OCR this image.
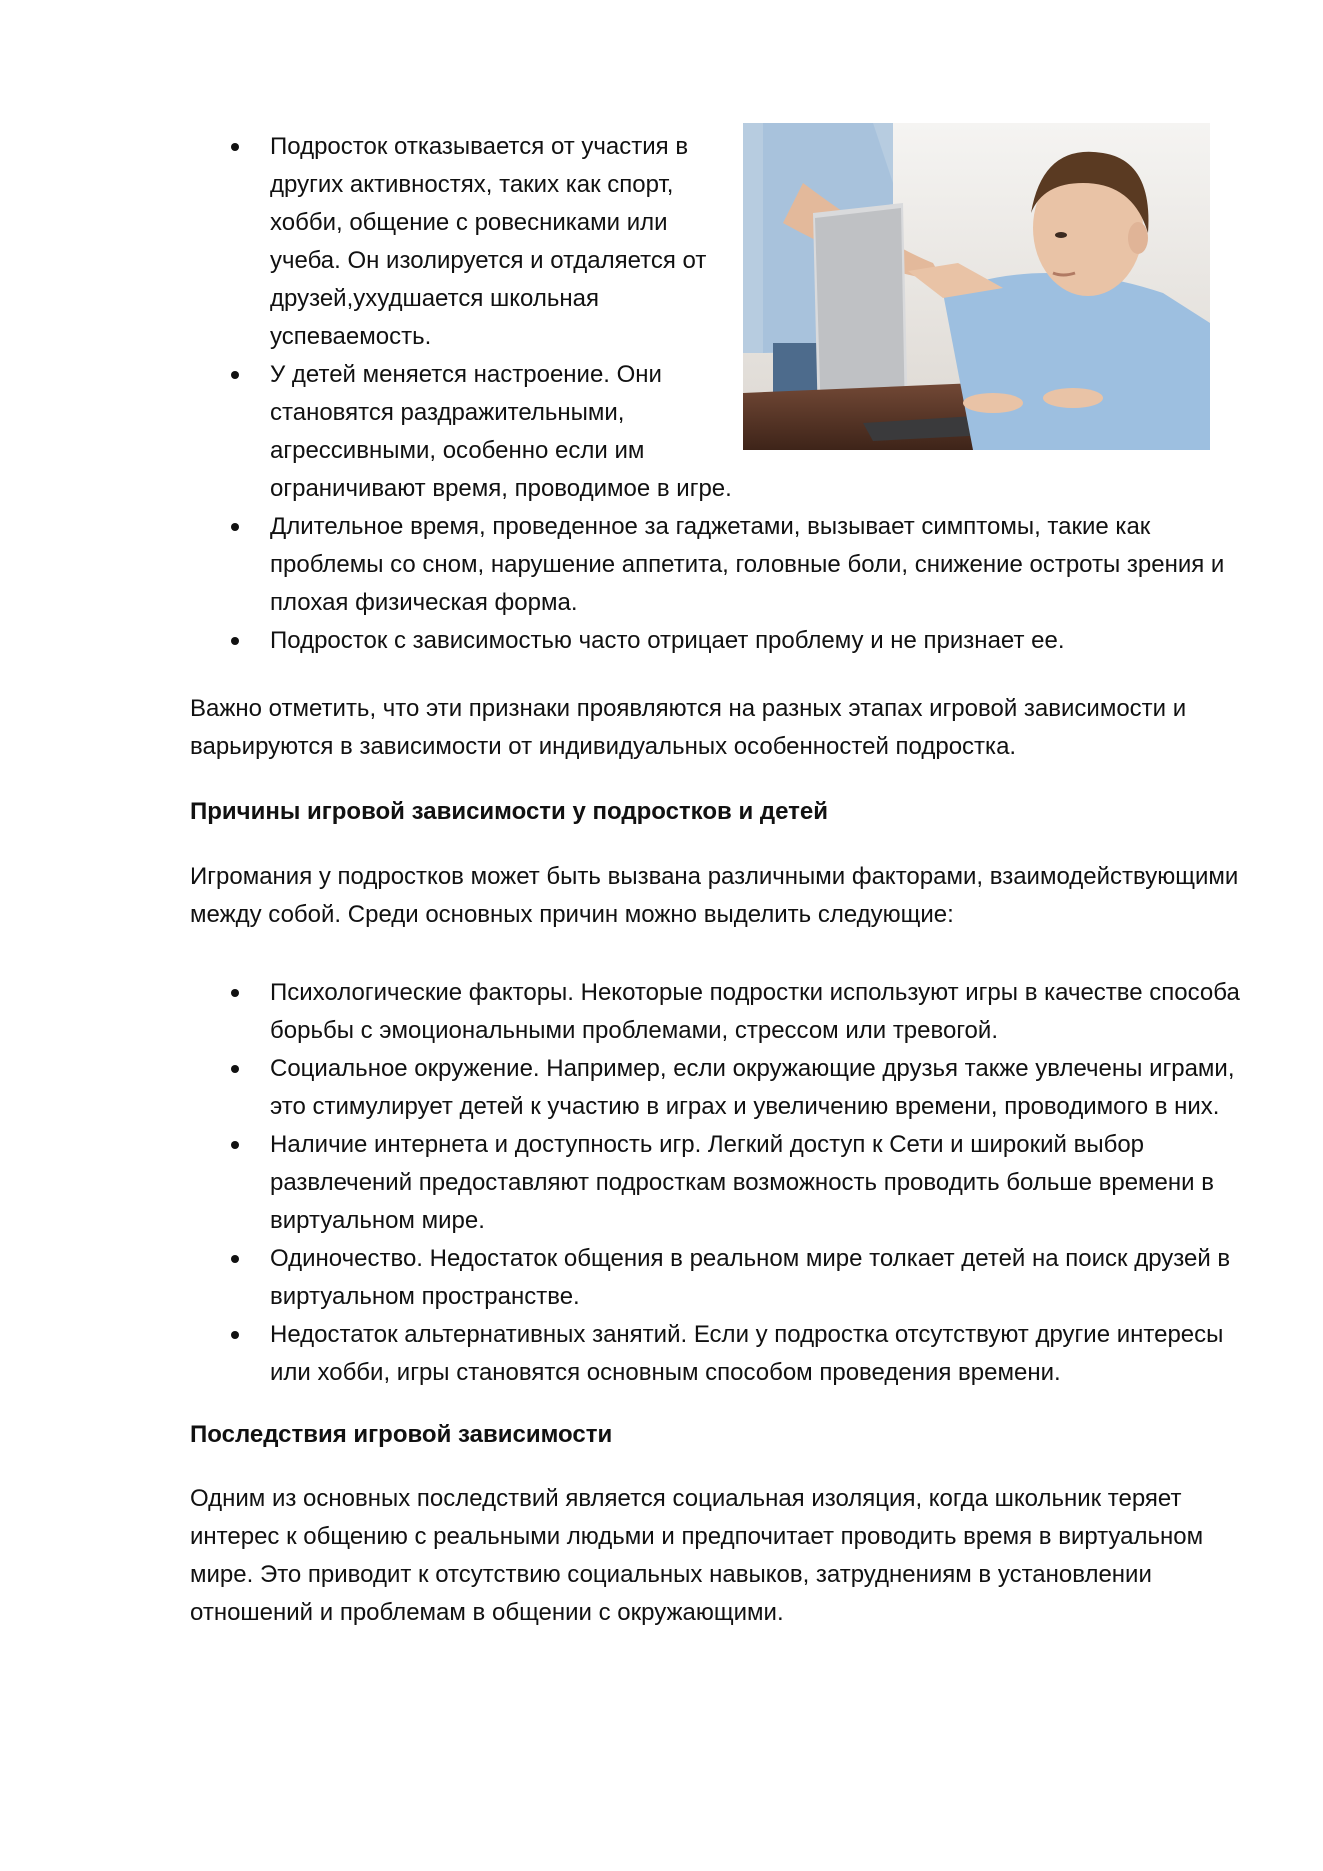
Подросток отказывается от участия в других активностях, таких как спорт, хобби, общение с ровесниками или учеба. Он изолируется и отдаляется от друзей,ухудшается школьная успеваемость.
У детей меняется настроение. Они становятся раздражительными, агрессивными, особенно если им ограничивают время, проводимое в игре.
Длительное время, проведенное за гаджетами, вызывает симптомы, такие как проблемы со сном, нарушение аппетита, головные боли, снижение остроты зрения и плохая физическая форма.
Подросток с зависимостью часто отрицает проблему и не признает ее.

Важно отметить, что эти признаки проявляются на разных этапах игровой зависимости и варьируются в зависимости от индивидуальных особенностей подростка.

Причины игровой зависимости у подростков и детей

Игромания у подростков может быть вызвана различными факторами, взаимодействующими между собой. Среди основных причин можно выделить следующие:

Психологические факторы. Некоторые подростки используют игры в качестве способа борьбы с эмоциональными проблемами, стрессом или тревогой.
Социальное окружение. Например, если окружающие друзья также увлечены играми, это стимулирует детей к участию в играх и увеличению времени, проводимого в них.
Наличие интернета и доступность игр. Легкий доступ к Сети и широкий выбор развлечений предоставляют подросткам возможность проводить больше времени в виртуальном мире.
Одиночество. Недостаток общения в реальном мире толкает детей на поиск друзей в виртуальном пространстве.
Недостаток альтернативных занятий. Если у подростка отсутствуют другие интересы или хобби, игры становятся основным способом проведения времени.

Последствия игровой зависимости

Одним из основных последствий является социальная изоляция, когда школьник теряет интерес к общению с реальными людьми и предпочитает проводить время в виртуальном мире. Это приводит к отсутствию социальных навыков, затруднениям в установлении отношений и проблемам в общении с окружающими.
